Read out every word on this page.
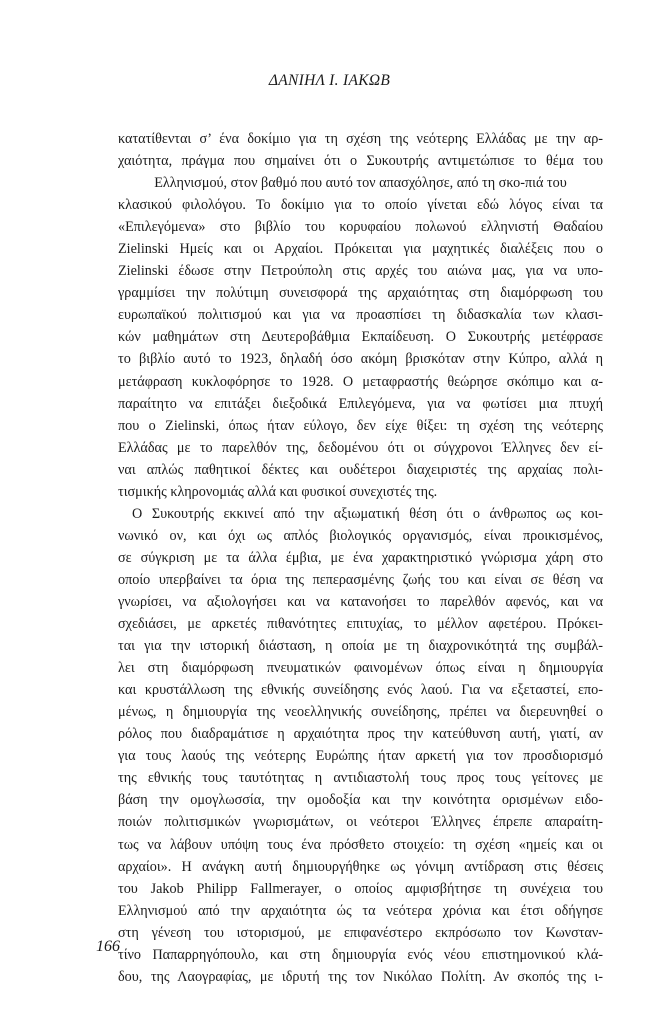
ΔΑΝΙΗΛ Ι. ΙΑΚΩΒ
κατατίθενται σ’ ένα δοκίμιο για τη σχέση της νεότερης Ελλάδας με την αρ-
χαιότητα, πράγμα που σημαίνει ότι ο Συκουτρής αντιμετώπισε το θέμα του
Ελληνισμού, στον βαθμό που αυτό τον απασχόλησε, από τη σκο-πιά του
κλασικού φιλολόγου. Το δοκίμιο για το οποίο γίνεται εδώ λόγος είναι τα
«Επιλεγόμενα» στο βιβλίο του κορυφαίου πολωνού ελληνιστή Θαδαίου
Zielinski Ημείς και οι Αρχαίοι. Πρόκειται για μαχητικές διαλέξεις που ο
Zielinski έδωσε στην Πετρούπολη στις αρχές του αιώνα μας, για να υπο-
γραμμίσει την πολύτιμη συνεισφορά της αρχαιότητας στη διαμόρφωση του
ευρωπαϊκού πολιτισμού και για να προασπίσει τη διδασκαλία των κλασι-
κών μαθημάτων στη Δευτεροβάθμια Εκπαίδευση. Ο Συκουτρής μετέφρασε
το βιβλίο αυτό το 1923, δηλαδή όσο ακόμη βρισκόταν στην Κύπρο, αλλά η
μετάφραση κυκλοφόρησε το 1928. Ο μεταφραστής θεώρησε σκόπιμο και α-
παραίτητο να επιτάξει διεξοδικά Επιλεγόμενα, για να φωτίσει μια πτυχή
που ο Zielinski, όπως ήταν εύλογο, δεν είχε θίξει: τη σχέση της νεότερης
Ελλάδας με το παρελθόν της, δεδομένου ότι οι σύγχρονοι Έλληνες δεν εί-
ναι απλώς παθητικοί δέκτες και ουδέτεροι διαχειριστές της αρχαίας πολι-
τισμικής κληρονομιάς αλλά και φυσικοί συνεχιστές της.
Ο Συκουτρής εκκινεί από την αξιωματική θέση ότι ο άνθρωπος ως κοι-
νωνικό ον, και όχι ως απλός βιολογικός οργανισμός, είναι προικισμένος,
σε σύγκριση με τα άλλα έμβια, με ένα χαρακτηριστικό γνώρισμα χάρη στο
οποίο υπερβαίνει τα όρια της πεπερασμένης ζωής του και είναι σε θέση να
γνωρίσει, να αξιολογήσει και να κατανοήσει το παρελθόν αφενός, και να
σχεδιάσει, με αρκετές πιθανότητες επιτυχίας, το μέλλον αφετέρου. Πρόκει-
ται για την ιστορική διάσταση, η οποία με τη διαχρονικότητά της συμβάλ-
λει στη διαμόρφωση πνευματικών φαινομένων όπως είναι η δημιουργία
και κρυστάλλωση της εθνικής συνείδησης ενός λαού. Για να εξεταστεί, επο-
μένως, η δημιουργία της νεοελληνικής συνείδησης, πρέπει να διερευνηθεί ο
ρόλος που διαδραμάτισε η αρχαιότητα προς την κατεύθυνση αυτή, γιατί, αν
για τους λαούς της νεότερης Ευρώπης ήταν αρκετή για τον προσδιορισμό
της εθνικής τους ταυτότητας η αντιδιαστολή τους προς τους γείτονες με
βάση την ομογλωσσία, την ομοδοξία και την κοινότητα ορισμένων ειδο-
ποιών πολιτισμικών γνωρισμάτων, οι νεότεροι Έλληνες έπρεπε απαραίτη-
τως να λάβουν υπόψη τους ένα πρόσθετο στοιχείο: τη σχέση «ημείς και οι
αρχαίοι». Η ανάγκη αυτή δημιουργήθηκε ως γόνιμη αντίδραση στις θέσεις
του Jakob Philipp Fallmerayer, ο οποίος αμφισβήτησε τη συνέχεια του
Ελληνισμού από την αρχαιότητα ώς τα νεότερα χρόνια και έτσι οδήγησε
στη γένεση του ιστορισμού, με επιφανέστερο εκπρόσωπο τον Κωνσταν-
τίνο Παπαρρηγόπουλο, και στη δημιουργία ενός νέου επιστημονικού κλά-
δου, της Λαογραφίας, με ιδρυτή της τον Νικόλαο Πολίτη. Αν σκοπός της ι-
166
